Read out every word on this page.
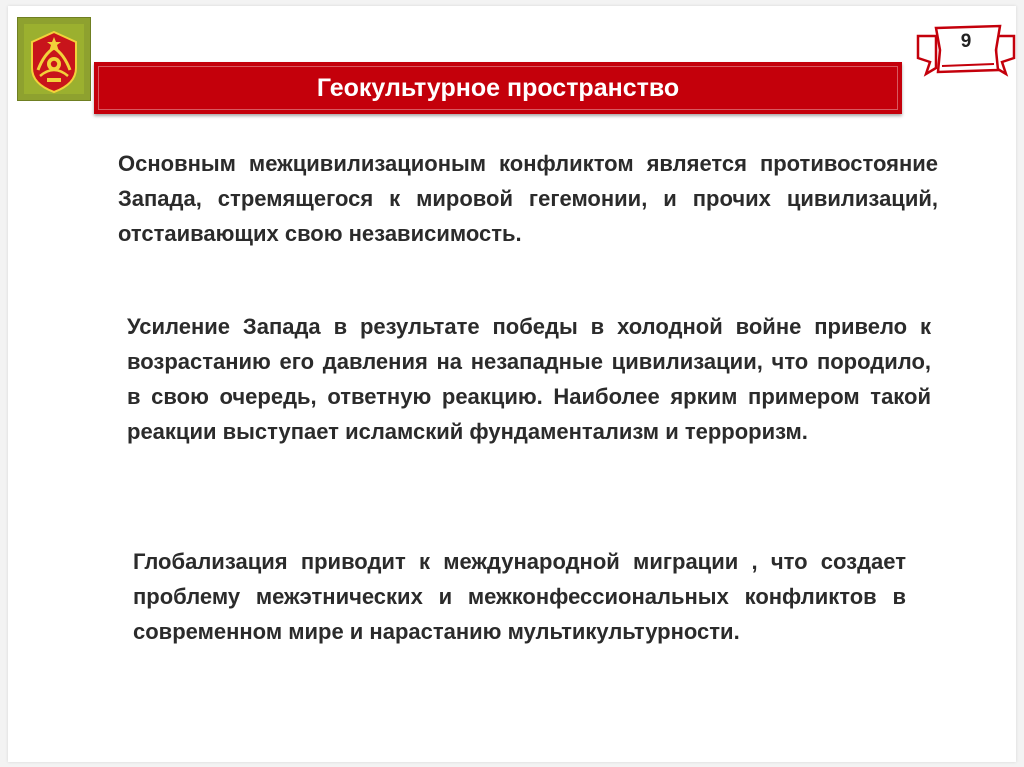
Геокультурное пространство
9

Основным межцивилизационым конфликтом является противостояние Запада, стремящегося к мировой гегемонии, и прочих цивилизаций, отстаивающих свою независимость.

Усиление Запада в результате победы в холодной войне привело к возрастанию его давления на незападные цивилизации, что породило, в свою очередь, ответную реакцию. Наиболее ярким примером такой реакции выступает исламский фундаментализм и терроризм.

Глобализация приводит к международной миграции , что создает проблему межэтнических и межконфессиональных конфликтов в современном мире и нарастанию мультикультурности.
